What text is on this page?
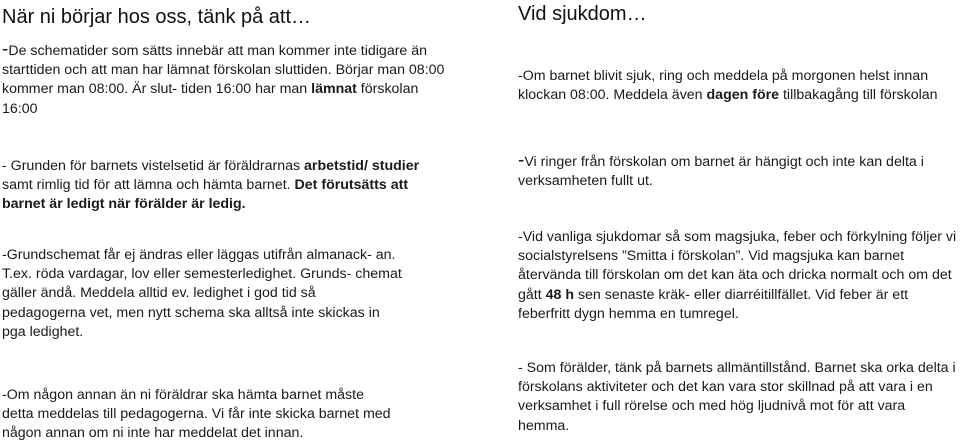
När ni börjar hos oss, tänk på att…

-De schematider som sätts innebär att man kommer inte tidigare än starttiden och att man har lämnat förskolan sluttiden. Börjar man 08:00 kommer man 08:00. Är slut- tiden 16:00 har man lämnat förskolan 16:00

- Grunden för barnets vistelsetid är föräldrarnas arbetstid/ studier samt rimlig tid för att lämna och hämta barnet. Det förutsätts att barnet är ledigt när förälder är ledig.

-Grundschemat får ej ändras eller läggas utifrån almanack- an. T.ex. röda vardagar, lov eller semesterledighet. Grunds- chemat gäller ändå. Meddela alltid ev. ledighet i god tid så pedagogerna vet, men nytt schema ska alltså inte skickas in pga ledighet.

-Om någon annan än ni föräldrar ska hämta barnet måste detta meddelas till pedagogerna. Vi får inte skicka barnet med någon annan om ni inte har meddelat det innan.

Vid sjukdom…

-Om barnet blivit sjuk, ring och meddela på morgonen helst innan klockan 08:00. Meddela även dagen före tillbakagång till förskolan

-Vi ringer från förskolan om barnet är hängigt och inte kan delta i verksamheten fullt ut.

-Vid vanliga sjukdomar så som magsjuka, feber och förkylning följer vi socialstyrelsens ”Smitta i förskolan”. Vid magsjuka kan barnet återvända till förskolan om det kan äta och dricka normalt och om det gått 48 h sen senaste kräk- eller diarréitillfället. Vid feber är ett feberfritt dygn hemma en tumregel.

- Som förälder, tänk på barnets allmäntillstånd. Barnet ska orka delta i förskolans aktiviteter och det kan vara stor skillnad på att vara i en verksamhet i full rörelse och med hög ljudnivå mot för att vara hemma.
